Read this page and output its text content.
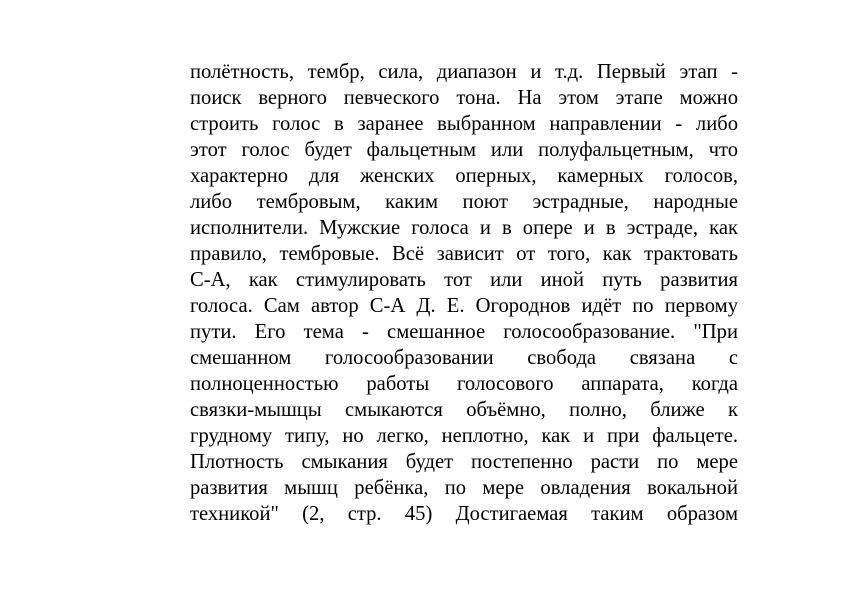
полётность, тембр, сила, диапазон и т.д. Первый этап -
поиск верного певческого тона. На этом этапе можно
строить голос в заранее выбранном направлении - либо
этот голос будет фальцетным или полуфальцетным, что
характерно для женских оперных, камерных голосов,
либо тембровым, каким поют эстрадные, народные
исполнители. Мужские голоса и в опере и в эстраде, как
правило, тембровые. Всё зависит от того, как трактовать
С-А, как стимулировать тот или иной путь развития
голоса. Сам автор С-А Д. Е. Огороднов идёт по первому
пути. Его тема - смешанное голосообразование. "При
смешанном голосообразовании свобода связана с
полноценностью работы голосового аппарата, когда
связки-мышцы смыкаются объёмно, полно, ближе к
грудному типу, но легко, неплотно, как и при фальцете.
Плотность смыкания будет постепенно расти по мере
развития мышц ребёнка, по мере овладения вокальной
техникой" (2, стр. 45) Достигаемая таким образом
